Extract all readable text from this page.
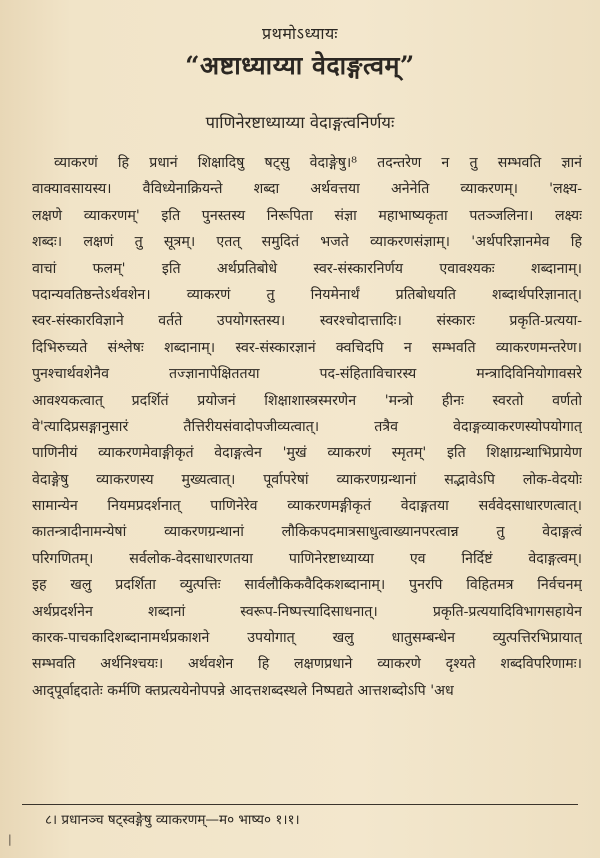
प्रथमोऽध्यायः
“अष्टाध्याय्या वेदाङ्गत्वम्”
पाणिनेरष्टाध्याय्या वेदाङ्गत्वनिर्णयः
व्याकरणं हि प्रधानं शिक्षादिषु षट्सु वेदाङ्गेषु।⁸ तदन्तरेण न तु सम्भवति ज्ञानं
वाक्यावसायस्य। वैविध्येनाक्रियन्ते शब्दा अर्थवत्तया अनेनेति व्याकरणम्। 'लक्ष्य-
लक्षणे व्याकरणम्' इति पुनस्तस्य निरूपिता संज्ञा महाभाष्यकृता पतञ्जलिना। लक्ष्यः
शब्दः। लक्षणं तु सूत्रम्। एतत् समुदितं भजते व्याकरणसंज्ञाम्। 'अर्थपरिज्ञानमेव हि
वाचां फलम्' इति अर्थप्रतिबोधे स्वर-संस्कारनिर्णय एवावश्यकः शब्दानाम्।
पदान्यवतिष्ठन्तेऽर्थवशेन। व्याकरणं तु नियमेनार्थं प्रतिबोधयति शब्दार्थपरिज्ञानात्।
स्वर-संस्कारविज्ञाने वर्तते उपयोगस्तस्य। स्वरश्चोदात्तादिः। संस्कारः प्रकृति-प्रत्यया-
दिभिरुच्यते संश्लेषः शब्दानाम्। स्वर-संस्कारज्ञानं क्वचिदपि न सम्भवति व्याकरणमन्तरेण।
पुनश्चार्थवशेनैव तज्ज्ञानापेक्षिततया पद-संहिताविचारस्य मन्त्रादिविनियोगावसरे
आवश्यकत्वात् प्रदर्शितं प्रयोजनं शिक्षाशास्त्रस्मरणेन 'मन्त्रो हीनः स्वरतो वर्णतो
वे'त्यादिप्रसङ्गानुसारं तैत्तिरीयसंवादोपजीव्यत्वात्। तत्रैव वेदाङ्गव्याकरणस्योपयोगात्
पाणिनीयं व्याकरणमेवाङ्गीकृतं वेदाङ्गत्वेन 'मुखं व्याकरणं स्मृतम्' इति शिक्षाग्रन्थाभिप्रायेण
वेदाङ्गेषु व्याकरणस्य मुख्यत्वात्। पूर्वापरेषां व्याकरणग्रन्थानां सद्भावेऽपि लोक-वेदयोः
सामान्येन नियमप्रदर्शनात् पाणिनेरेव व्याकरणमङ्गीकृतं वेदाङ्गतया सर्ववेदसाधारणत्वात्।
कातन्त्रादीनामन्येषां व्याकरणग्रन्थानां लौकिकपदमात्रसाधुत्वाख्यानपरत्वान्न तु वेदाङ्गत्वं
परिगणितम्। सर्वलोक-वेदसाधारणतया पाणिनेरष्टाध्याय्या एव निर्दिष्टं वेदाङ्गत्वम्।
इह खलु प्रदर्शिता व्युत्पत्तिः सार्वलौकिकवैदिकशब्दानाम्। पुनरपि विहितमत्र निर्वचनम्
अर्थप्रदर्शनेन शब्दानां स्वरूप-निष्पत्त्यादिसाधनात्। प्रकृति-प्रत्ययादिविभागसहायेन
कारक-पाचकादिशब्दानामर्थप्रकाशने उपयोगात् खलु धातुसम्बन्धेन व्युत्पत्तिरभिप्रायात्
सम्भवति अर्थनिश्चयः। अर्थवशेन हि लक्षणप्रधाने व्याकरणे दृश्यते शब्दविपरिणामः।
आद्पूर्वाद्ददातेः कर्मणि क्तप्रत्ययेनोपपन्ने आदत्तशब्दस्थले निष्पद्यते आत्तशब्दोऽपि 'अध
८। प्रधानञ्च षट्स्वङ्गेषु व्याकरणम्—म० भाष्य० १।१।
|
